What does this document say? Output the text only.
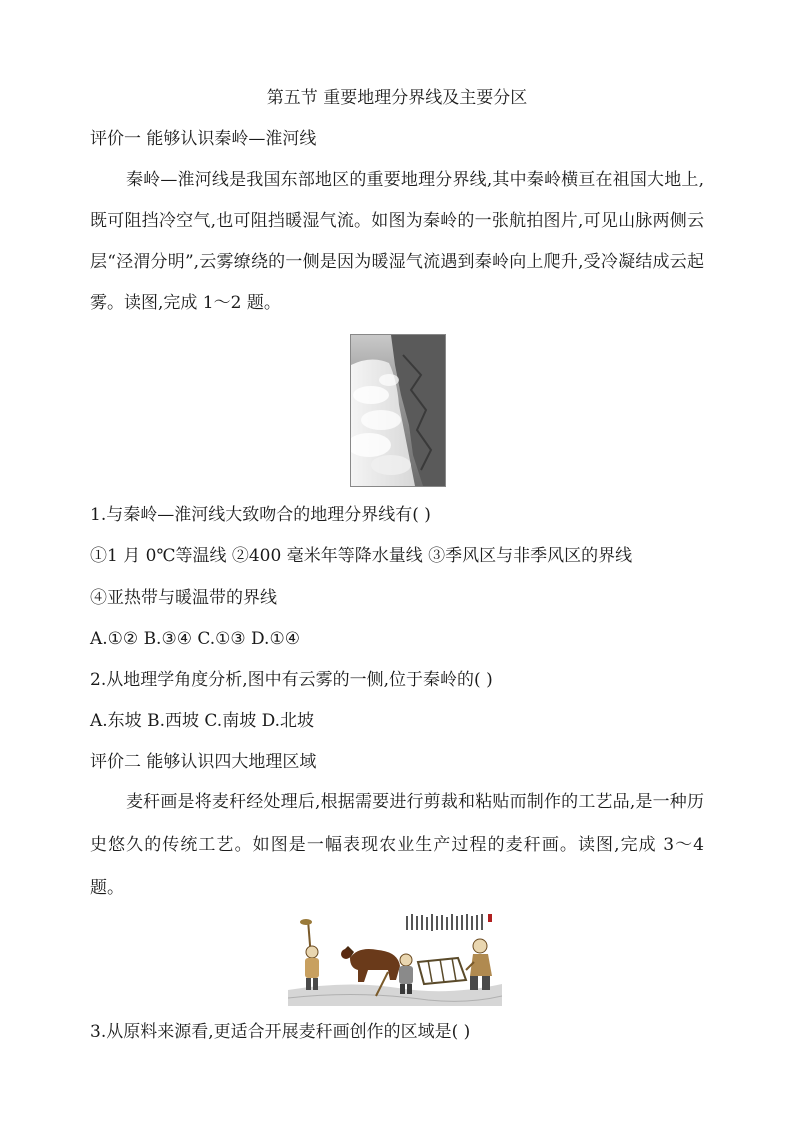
第五节 重要地理分界线及主要分区
评价一 能够认识秦岭—淮河线
秦岭—淮河线是我国东部地区的重要地理分界线,其中秦岭横亘在祖国大地上,既可阻挡冷空气,也可阻挡暖湿气流。如图为秦岭的一张航拍图片,可见山脉两侧云层“泾渭分明”,云雾缭绕的一侧是因为暖湿气流遇到秦岭向上爬升,受冷凝结成云起雾。读图,完成 1～2 题。
1.与秦岭—淮河线大致吻合的地理分界线有( )
①1 月 0℃等温线 ②400 毫米年等降水量线 ③季风区与非季风区的界线
④亚热带与暖温带的界线
A.①② B.③④ C.①③ D.①④
2.从地理学角度分析,图中有云雾的一侧,位于秦岭的( )
A.东坡 B.西坡 C.南坡 D.北坡
评价二 能够认识四大地理区域
麦秆画是将麦秆经处理后,根据需要进行剪裁和粘贴而制作的工艺品,是一种历史悠久的传统工艺。如图是一幅表现农业生产过程的麦秆画。读图,完成 3～4 题。
3.从原料来源看,更适合开展麦秆画创作的区域是( )
